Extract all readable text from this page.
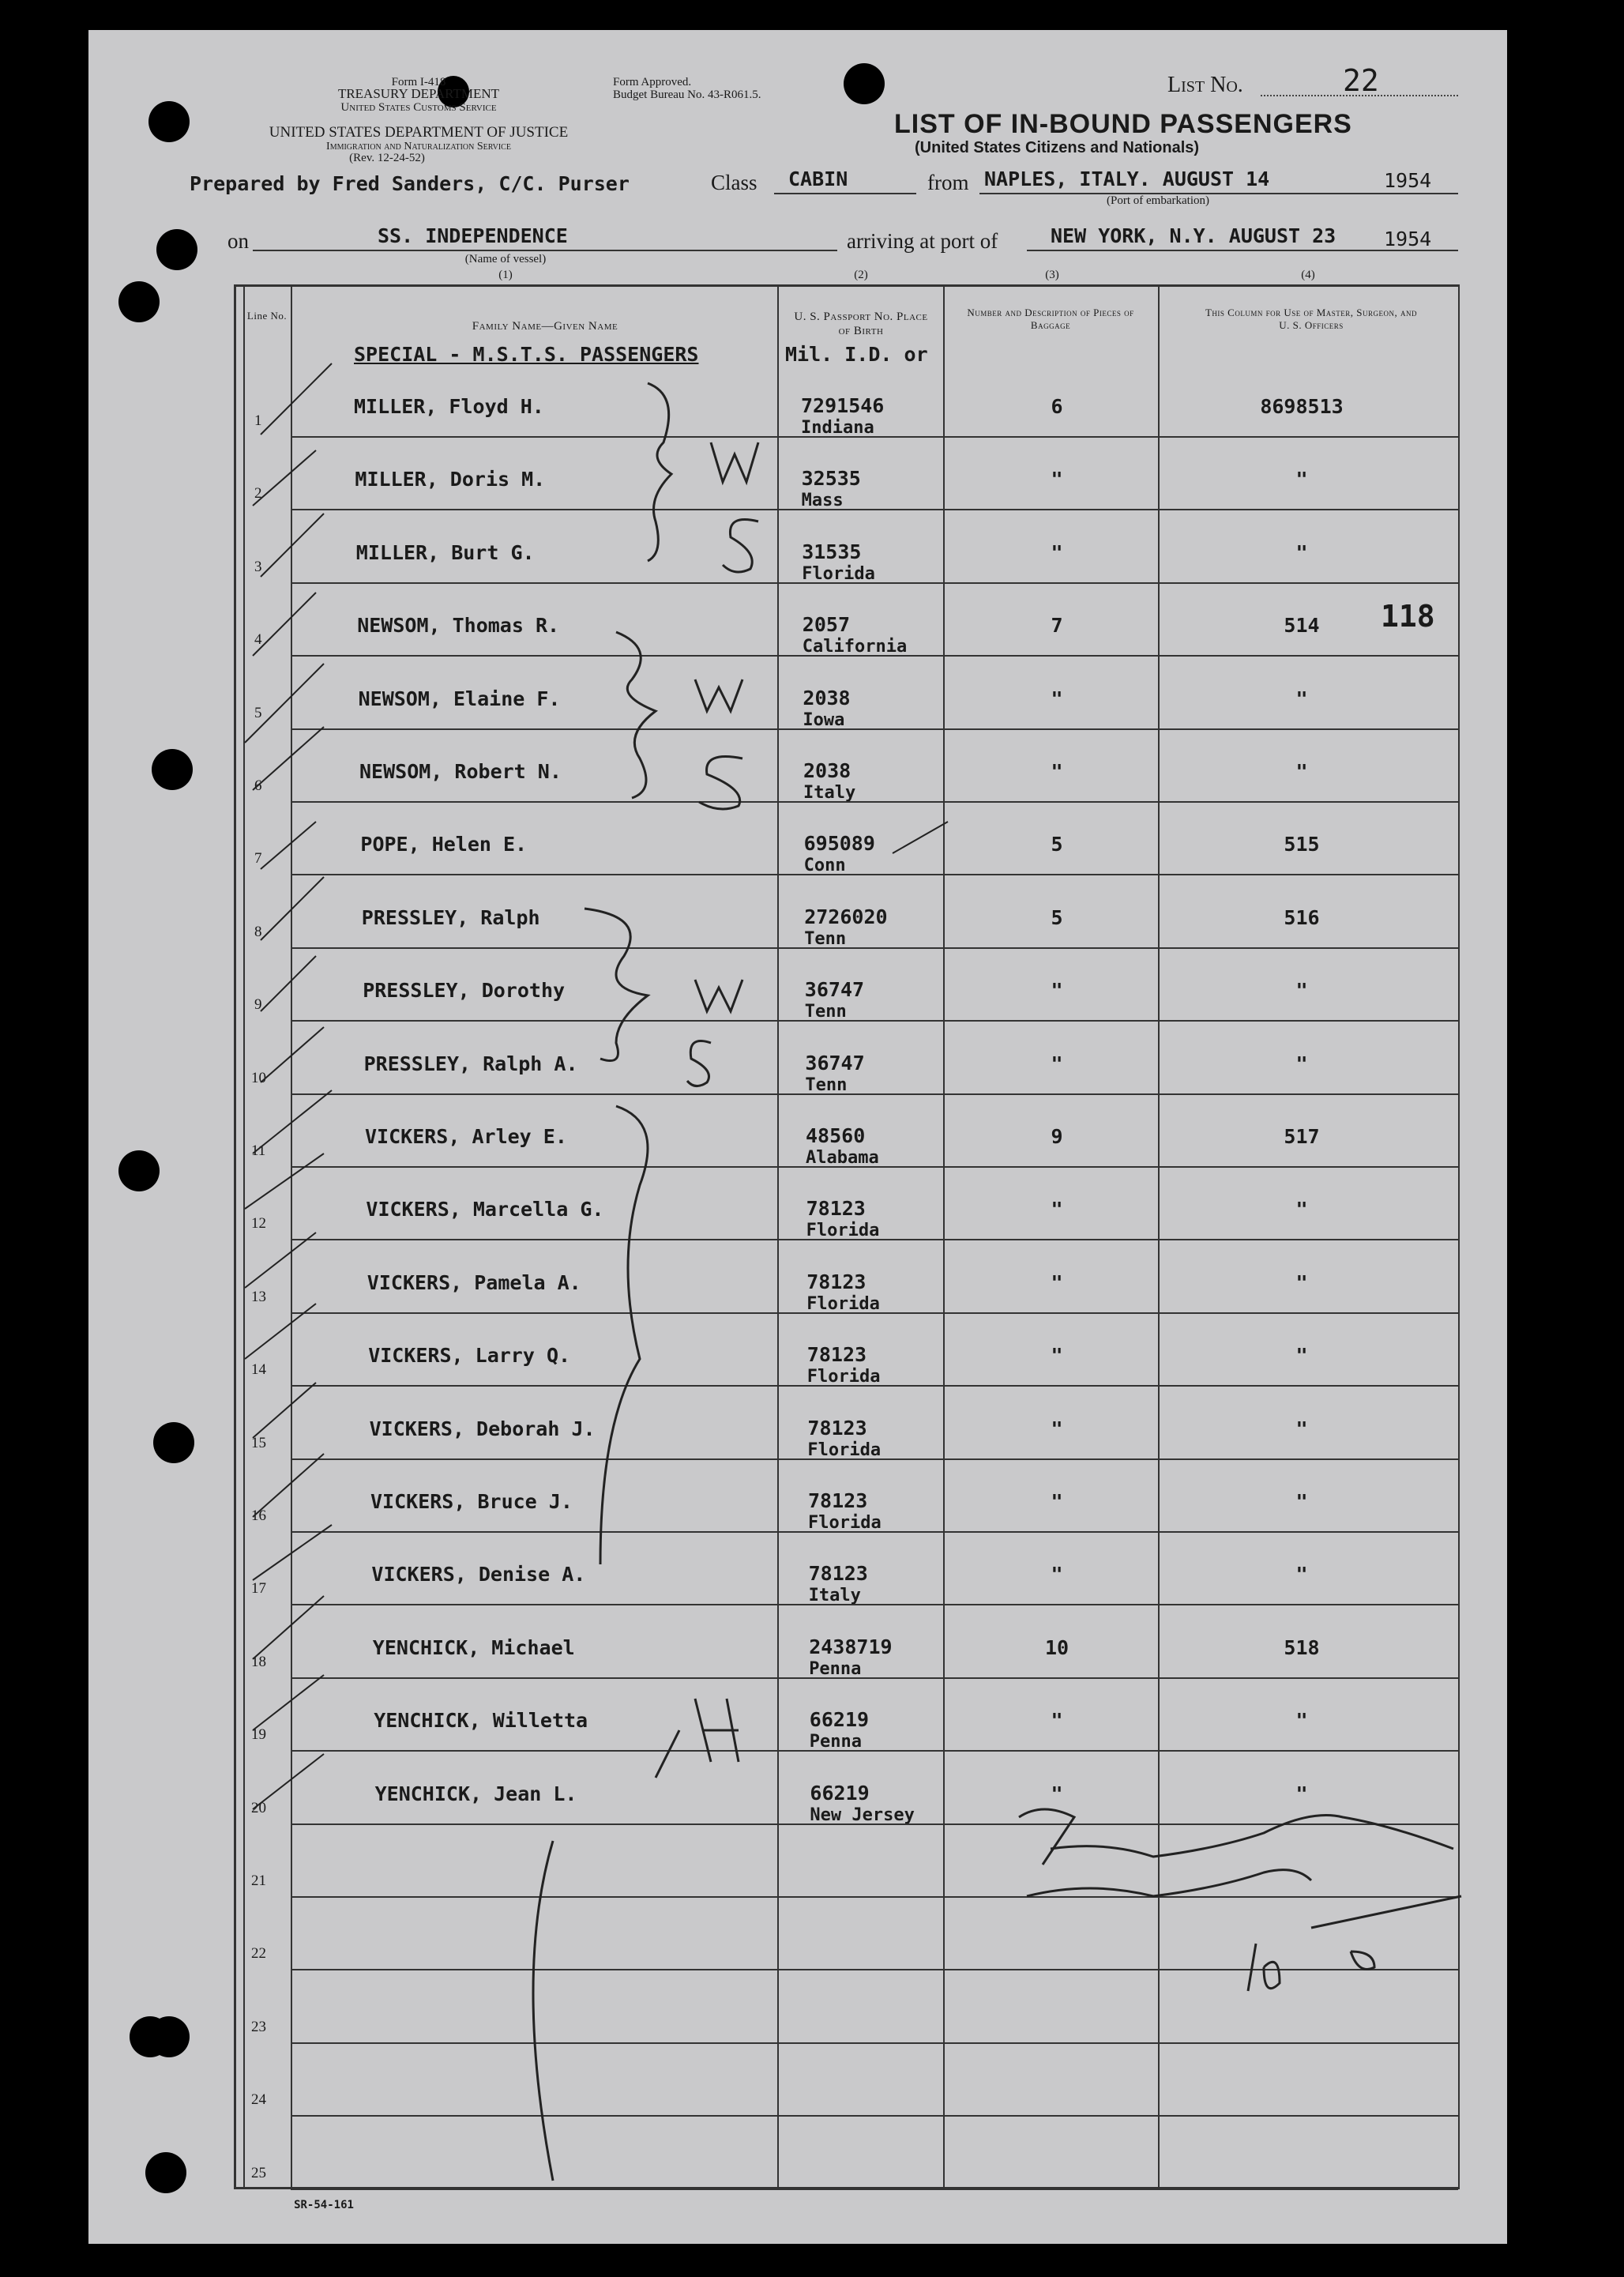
Form I-418
TREASURY DEPARTMENT
United States Customs Service
UNITED STATES DEPARTMENT OF JUSTICE
Immigration and Naturalization Service
(Rev. 12-24-52)
Form Approved.
Budget Bureau No. 43-R061.5.	List No.	22
LIST OF IN-BOUND PASSENGERS
(United States Citizens and Nationals)
Prepared by Fred Sanders, C/C. Purser	Class CABIN	from NAPLES, ITALY. AUGUST 14	1954
(Port of embarkation)
on	SS. INDEPENDENCE
(Name of vessel)
arriving at port of	NEW YORK, N.Y. AUGUST 23 1954
(1)	(2)	(3)	(4)
Line No.
Family Name—Given Name
U. S. Passport No. Place of Birth
Number and Description of Pieces of Baggage
This Column for Use of Master, Surgeon, and U. S. Officers
SPECIAL - M.S.T.S. PASSENGERS	Mil. I.D. or
1
MILLER, Floyd H.	7291546
Indiana
6	8698513
2
MILLER, Doris M.	32535
Mass
"	"
3
MILLER, Burt G.	31535
Florida
"	"
4
NEWSOM, Thomas R.	2057
California
7	514
5
NEWSOM, Elaine F.	2038
Iowa
"	"
6
NEWSOM, Robert N.	2038
Italy
"	"
7
POPE, Helen E.	695089
Conn
5	515
8
PRESSLEY, Ralph	2726020
Tenn
5	516
9
PRESSLEY, Dorothy	36747
Tenn
"	"
10
PRESSLEY, Ralph A.	36747
Tenn
"	"
11
VICKERS, Arley E.	48560
Alabama
9	517
12
VICKERS, Marcella G.	78123
Florida
"	"
13
VICKERS, Pamela A.	78123
Florida
"	"
14
VICKERS, Larry Q.	78123
Florida
"	"
15
VICKERS, Deborah J.	78123
Florida
"	"
16
VICKERS, Bruce J.	78123
Florida
"	"
17
VICKERS, Denise A.	78123
Italy
"	"
18
YENCHICK, Michael	2438719
Penna
10	518
19
YENCHICK, Willetta	66219
Penna
"	"
20
YENCHICK, Jean L.	66219
New Jersey
"	"
21
22
23
24
25
118
SR-54-161
